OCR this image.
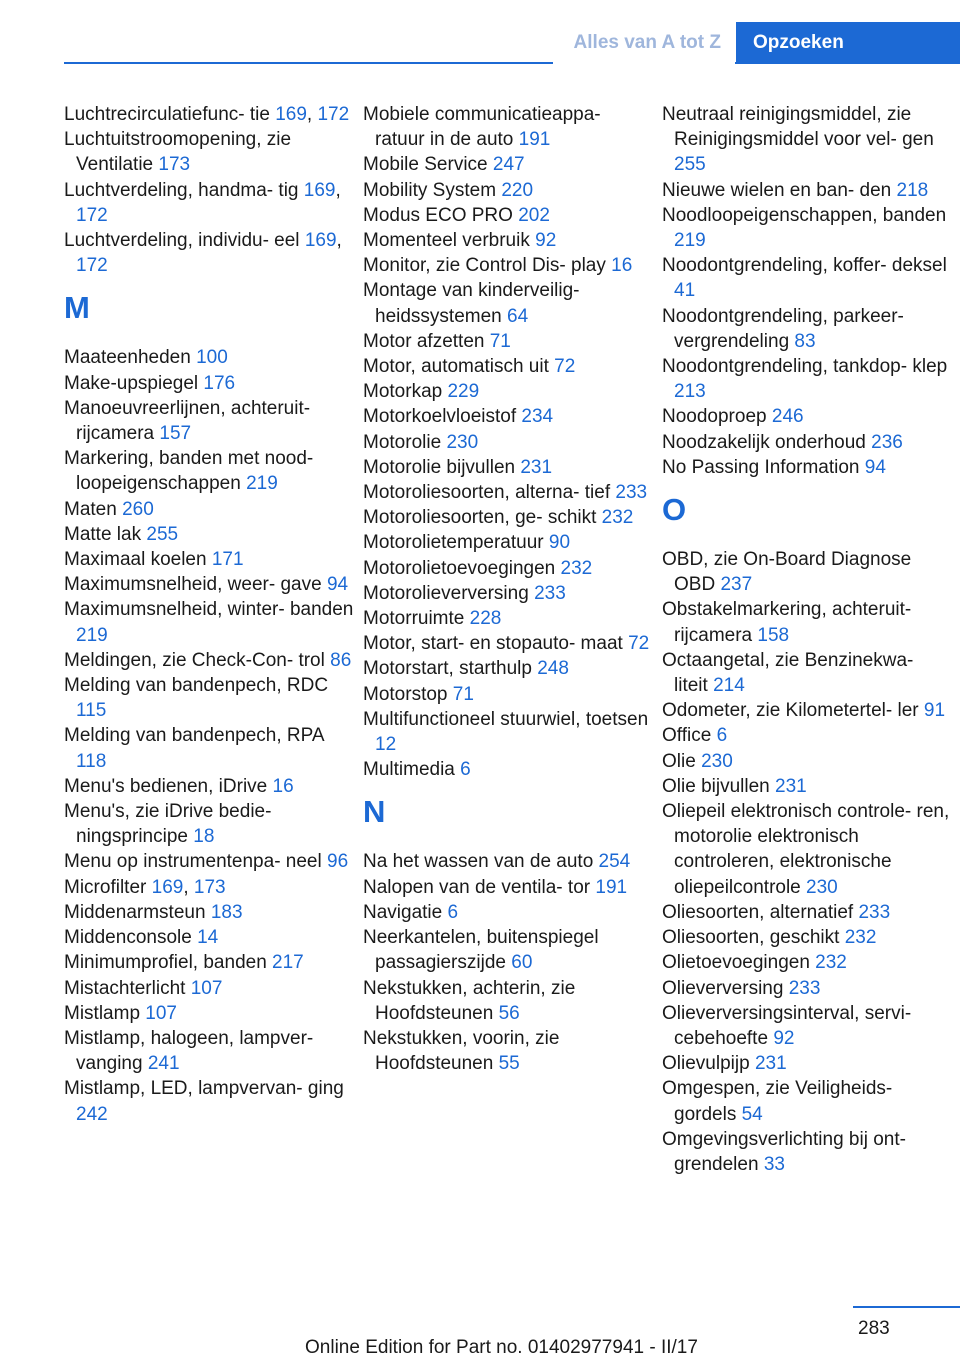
Alles van A tot Z	Opzoeken
Luchtrecirculatiefunc‐ tie 169, 172
Luchtuitstroomopening, zie Ventilatie 173
Luchtverdeling, handma‐ tig 169, 172
Luchtverdeling, individu‐ eel 169, 172
M
Maateenheden 100
Make-upspiegel 176
Manoeuvreerlijnen, achteruit‐ rijcamera 157
Markering, banden met nood‐ loopeigenschappen 219
Maten 260
Matte lak 255
Maximaal koelen 171
Maximumsnelheid, weer‐ gave 94
Maximumsnelheid, winter‐ banden 219
Meldingen, zie Check-Con‐ trol 86
Melding van bandenpech, RDC 115
Melding van bandenpech, RPA 118
Menu's bedienen, iDrive 16
Menu's, zie iDrive bedie‐ ningsprincipe 18
Menu op instrumentenpa‐ neel 96
Microfilter 169, 173
Middenarmsteun 183
Middenconsole 14
Minimumprofiel, banden 217
Mistachterlicht 107
Mistlamp 107
Mistlamp, halogeen, lampver‐ vanging 241
Mistlamp, LED, lampvervan‐ ging 242
Mobiele communicatieappa‐ ratuur in de auto 191
Mobile Service 247
Mobility System 220
Modus ECO PRO 202
Momenteel verbruik 92
Monitor, zie Control Dis‐ play 16
Montage van kinderveilig‐ heidssystemen 64
Motor afzetten 71
Motor, automatisch uit 72
Motorkap 229
Motorkoelvloeistof 234
Motorolie 230
Motorolie bijvullen 231
Motoroliesoorten, alterna‐ tief 233
Motoroliesoorten, ge‐ schikt 232
Motorolietemperatuur 90
Motorolietoevoegingen 232
Motorolieverversing 233
Motorruimte 228
Motor, start- en stopauto‐ maat 72
Motorstart, starthulp 248
Motorstop 71
Multifunctioneel stuurwiel, toetsen 12
Multimedia 6
N
Na het wassen van de auto 254
Nalopen van de ventila‐ tor 191
Navigatie 6
Neerkantelen, buitenspiegel passagierszijde 60
Nekstukken, achterin, zie Hoofdsteunen 56
Nekstukken, voorin, zie Hoofdsteunen 55
Neutraal reinigingsmiddel, zie Reinigingsmiddel voor vel‐ gen 255
Nieuwe wielen en ban‐ den 218
Noodloopeigenschappen, banden 219
Noodontgrendeling, koffer‐ deksel 41
Noodontgrendeling, parkeer‐ vergrendeling 83
Noodontgrendeling, tankdop‐ klep 213
Noodoproep 246
Noodzakelijk onderhoud 236
No Passing Information 94
O
OBD, zie On-Board Diagnose OBD 237
Obstakelmarkering, achteruit‐ rijcamera 158
Octaangetal, zie Benzinekwa‐ liteit 214
Odometer, zie Kilometertel‐ ler 91
Office 6
Olie 230
Olie bijvullen 231
Oliepeil elektronisch controle‐ ren, motorolie elektronisch controleren, elektronische oliepeilcontrole 230
Oliesoorten, alternatief 233
Oliesoorten, geschikt 232
Olietoevoegingen 232
Olieverversing 233
Olieverversingsinterval, servi‐ cebehoefte 92
Olievulpijp 231
Omgespen, zie Veiligheids‐ gordels 54
Omgevingsverlichting bij ont‐ grendelen 33
283
Online Edition for Part no. 01402977941 - II/17
